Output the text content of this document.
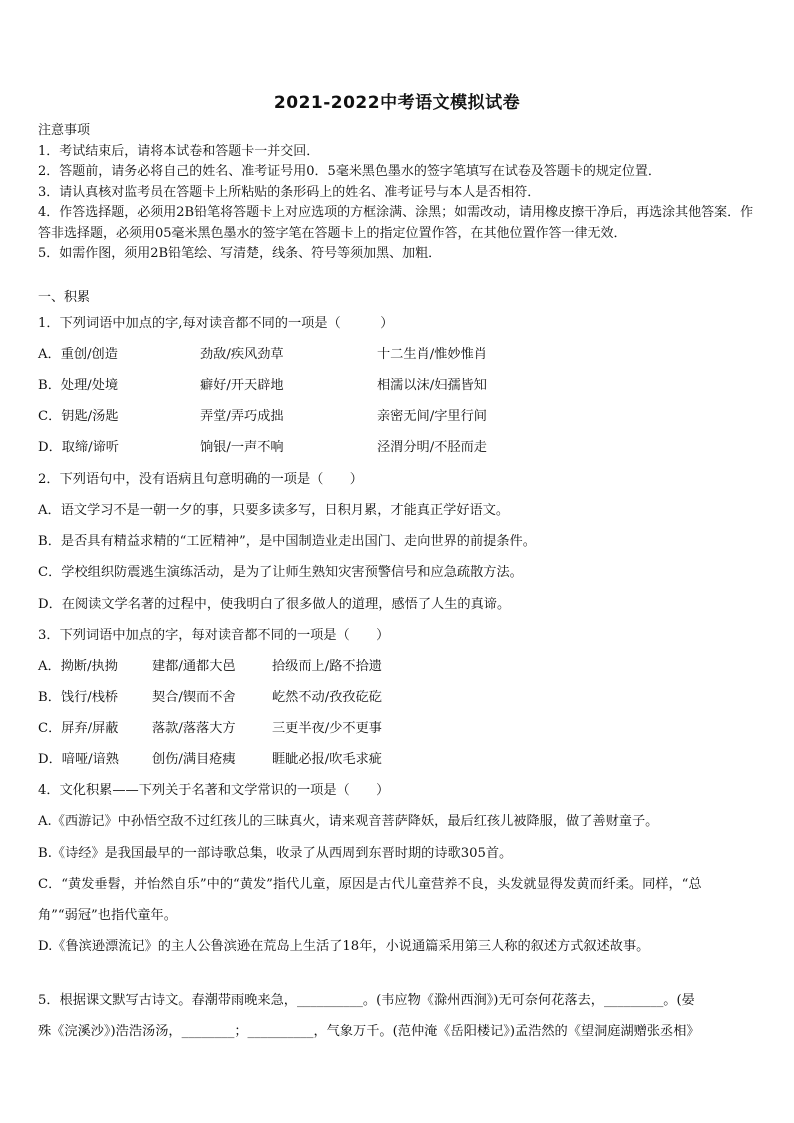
2021-2022中考语文模拟试卷

注意事项

1．考试结束后，请将本试卷和答题卡一并交回．

2．答题前，请务必将自己的姓名、准考证号用0．5毫米黑色墨水的签字笔填写在试卷及答题卡的规定位置．

3．请认真核对监考员在答题卡上所粘贴的条形码上的姓名、准考证号与本人是否相符．

4．作答选择题，必须用2B铅笔将答题卡上对应选项的方框涂满、涂黑；如需改动，请用橡皮擦干净后，再选涂其他答案．作答非选择题，必须用05毫米黑色墨水的签字笔在答题卡上的指定位置作答，在其他位置作答一律无效．

5．如需作图，须用2B铅笔绘、写清楚，线条、符号等须加黑、加粗．

一、积累
1．下列词语中加点的字,每对读音都不同的一项是（　　　）
A．重创/创造	劲敌/疾风劲草	十二生肖/惟妙惟肖
B．处理/处境	癖好/开天辟地	相濡以沫/妇孺皆知
C．钥匙/汤匙	弄堂/弄巧成拙	亲密无间/字里行间
D．取缔/谛听	饷银/一声不响	泾渭分明/不胫而走
2．下列语句中，没有语病且句意明确的一项是（　　）
A．语文学习不是一朝一夕的事，只要多读多写，日积月累，才能真正学好语文。
B．是否具有精益求精的“工匠精神”，是中国制造业走出国门、走向世界的前提条件。
C．学校组织防震逃生演练活动，是为了让师生熟知灾害预警信号和应急疏散方法。
D．在阅读文学名著的过程中，使我明白了很多做人的道理，感悟了人生的真谛。
3．下列词语中加点的字，每对读音都不同的一项是（　　）
A．拗断/执拗	建都/通都大邑	拾级而上/路不拾遗
B．饯行/栈桥	契合/锲而不舍	屹然不动/孜孜矻矻
C．屏弃/屏蔽	落款/落落大方	三更半夜/少不更事
D．喑哑/谙熟	创伤/满目疮痍	睚眦必报/吹毛求疵
4．文化积累——下列关于名著和文学常识的一项是（　　）
A.《西游记》中孙悟空敌不过红孩儿的三昧真火，请来观音菩萨降妖，最后红孩儿被降服，做了善财童子。
B.《诗经》是我国最早的一部诗歌总集，收录了从西周到东晋时期的诗歌305首。
C．“黄发垂髫，并怡然自乐”中的“黄发”指代儿童，原因是古代儿童营养不良，头发就显得发黄而纤柔。同样，“总
角”“弱冠”也指代童年。
D.《鲁滨逊漂流记》的主人公鲁滨逊在荒岛上生活了18年，小说通篇采用第三人称的叙述方式叙述故事。
5．根据课文默写古诗文。春潮带雨晚来急，__________。(韦应物《滁州西涧》)无可奈何花落去，_________。(晏
殊《浣溪沙》)浩浩汤汤，________；__________，气象万千。(范仲淹《岳阳楼记》)孟浩然的《望洞庭湖赠张丞相》
